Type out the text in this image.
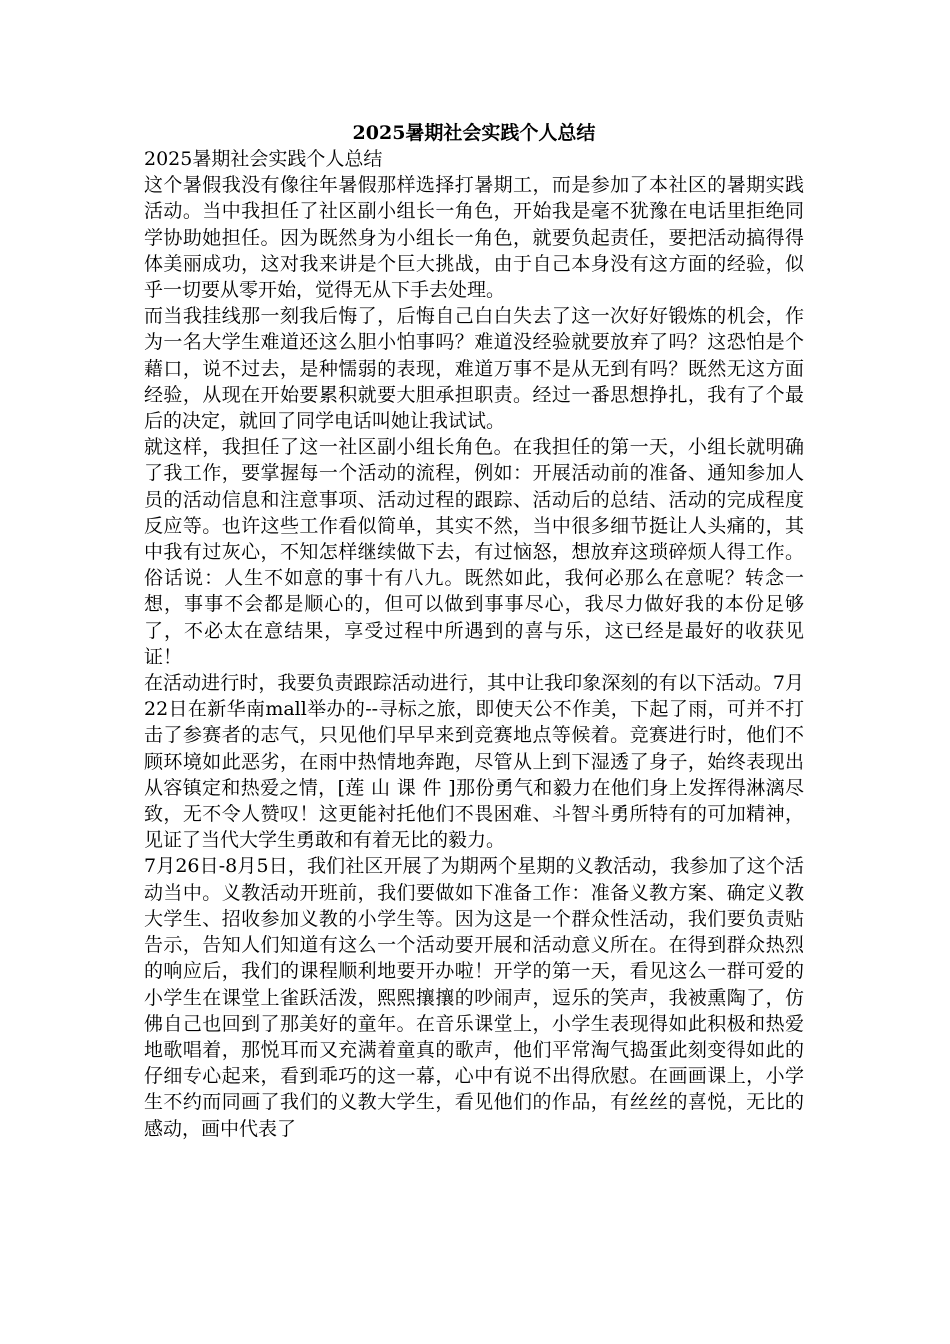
2025暑期社会实践个人总结

2025暑期社会实践个人总结

这个暑假我没有像往年暑假那样选择打暑期工，而是参加了本社区的暑期实践活动。当中我担任了社区副小组长一角色，开始我是毫不犹豫在电话里拒绝同学协助她担任。因为既然身为小组长一角色，就要负起责任，要把活动搞得得体美丽成功，这对我来讲是个巨大挑战，由于自己本身没有这方面的经验，似乎一切要从零开始，觉得无从下手去处理。

而当我挂线那一刻我后悔了，后悔自己白白失去了这一次好好锻炼的机会，作为一名大学生难道还这么胆小怕事吗？难道没经验就要放弃了吗？这恐怕是个藉口，说不过去，是种懦弱的表现，难道万事不是从无到有吗？既然无这方面经验，从现在开始要累积就要大胆承担职责。经过一番思想挣扎，我有了个最后的决定，就回了同学电话叫她让我试试。

就这样，我担任了这一社区副小组长角色。在我担任的第一天，小组长就明确了我工作，要掌握每一个活动的流程，例如：开展活动前的准备、通知参加人员的活动信息和注意事项、活动过程的跟踪、活动后的总结、活动的完成程度反应等。也许这些工作看似简单，其实不然，当中很多细节挺让人头痛的，其中我有过灰心，不知怎样继续做下去，有过恼怒，想放弃这琐碎烦人得工作。俗话说：人生不如意的事十有八九。既然如此，我何必那么在意呢？转念一想，事事不会都是顺心的，但可以做到事事尽心，我尽力做好我的本份足够了，不必太在意结果，享受过程中所遇到的喜与乐，这已经是最好的收获见证！

在活动进行时，我要负责跟踪活动进行，其中让我印象深刻的有以下活动。7月22日在新华南mall举办的--寻标之旅，即使天公不作美，下起了雨，可并不打击了参赛者的志气，只见他们早早来到竞赛地点等候着。竞赛进行时，他们不顾环境如此恶劣，在雨中热情地奔跑，尽管从上到下湿透了身子，始终表现出从容镇定和热爱之情，[莲 山 课 件 ]那份勇气和毅力在他们身上发挥得淋漓尽致，无不令人赞叹！这更能衬托他们不畏困难、斗智斗勇所特有的可加精神，见证了当代大学生勇敢和有着无比的毅力。

7月26日-8月5日，我们社区开展了为期两个星期的义教活动，我参加了这个活动当中。义教活动开班前，我们要做如下准备工作：准备义教方案、确定义教大学生、招收参加义教的小学生等。因为这是一个群众性活动，我们要负责贴告示，告知人们知道有这么一个活动要开展和活动意义所在。在得到群众热烈的响应后，我们的课程顺利地要开办啦！开学的第一天，看见这么一群可爱的小学生在课堂上雀跃活泼，熙熙攘攘的吵闹声，逗乐的笑声，我被熏陶了，仿佛自己也回到了那美好的童年。在音乐课堂上，小学生表现得如此积极和热爱地歌唱着，那悦耳而又充满着童真的歌声，他们平常淘气捣蛋此刻变得如此的仔细专心起来，看到乖巧的这一幕，心中有说不出得欣慰。在画画课上，小学生不约而同画了我们的义教大学生，看见他们的作品，有丝丝的喜悦，无比的感动，画中代表了
